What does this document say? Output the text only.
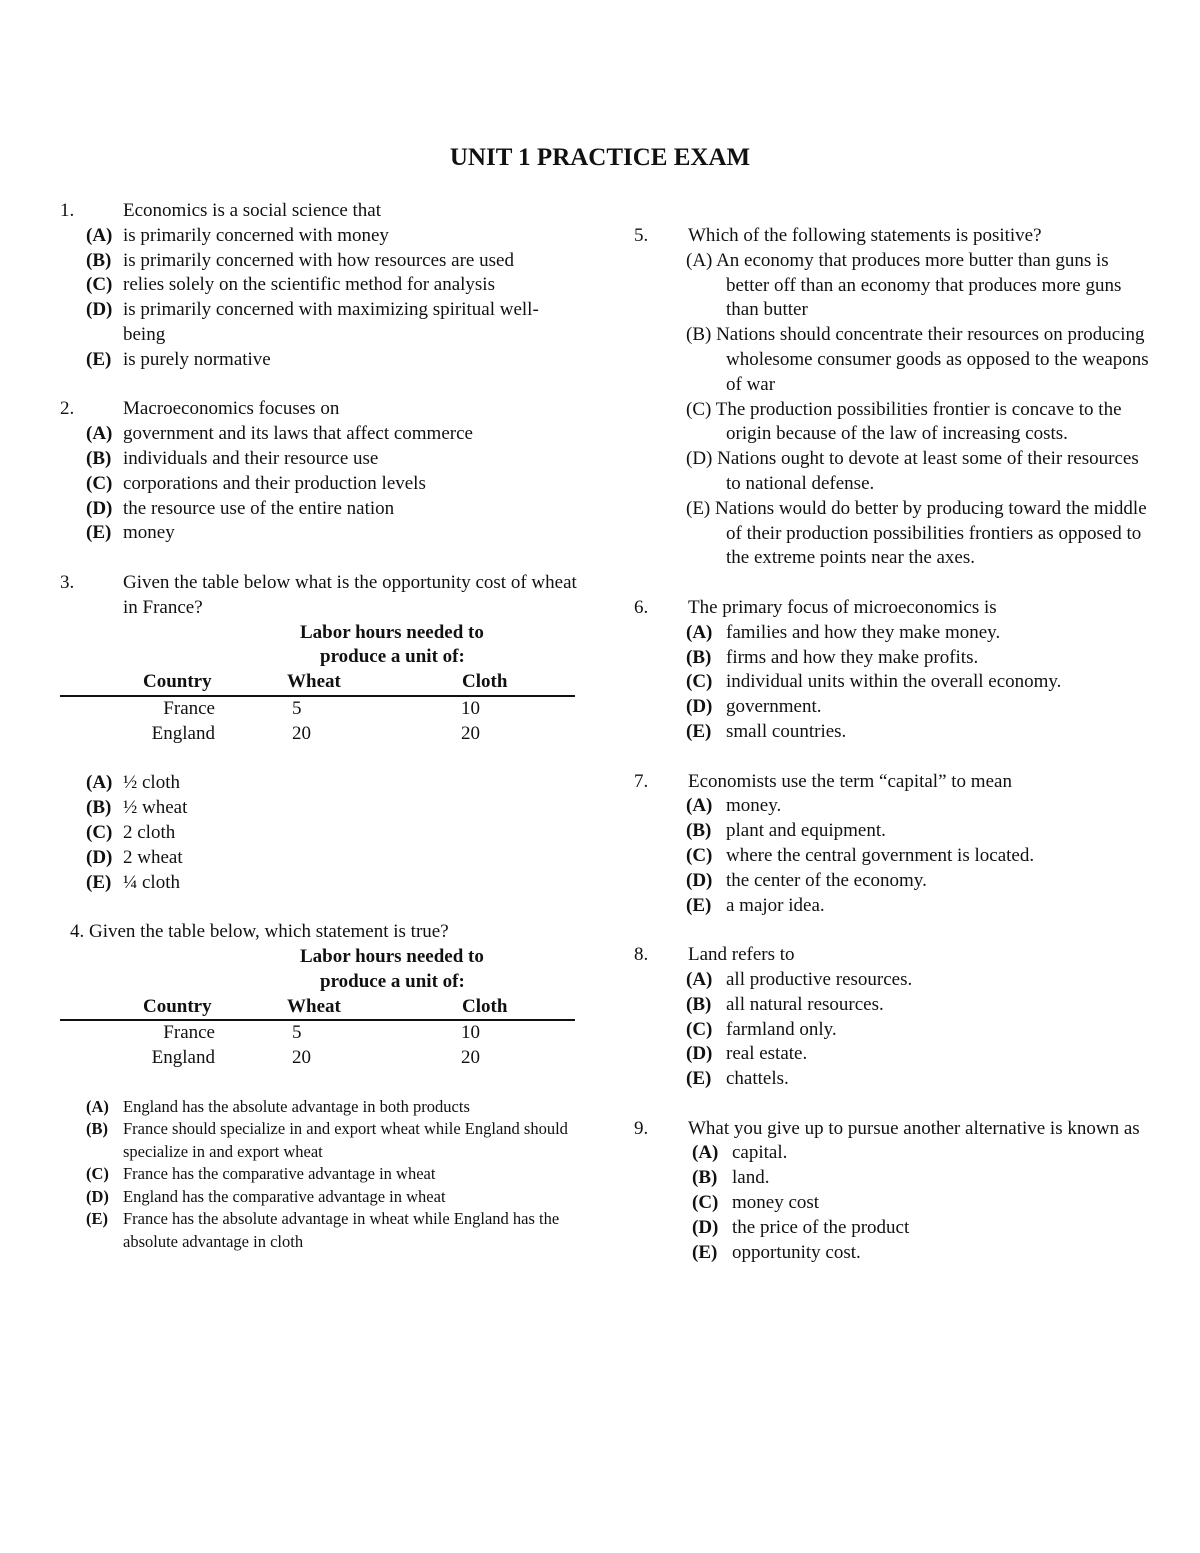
UNIT 1 PRACTICE EXAM
1.	Economics is a social science that
(A) is primarily concerned with money
(B) is primarily concerned with how resources are used
(C) relies solely on the scientific method for analysis
(D) is primarily concerned with maximizing spiritual well-being
(E) is purely normative
2.	Macroeconomics focuses on
(A) government and its laws that affect commerce
(B) individuals and their resource use
(C) corporations and their production levels
(D) the resource use of the entire nation
(E) money
3.	Given the table below what is the opportunity cost of wheat in France?
Labor hours needed to
produce a unit of:
Country	Wheat	Cloth
France	5	10
England	20	20
(A) ½ cloth
(B) ½ wheat
(C) 2 cloth
(D) 2 wheat
(E) ¼ cloth
4. Given the table below, which statement is true?
Labor hours needed to
produce a unit of:
Country	Wheat	Cloth
France	5	10
England	20	20
(A) England has the absolute advantage in both products
(B) France should specialize in and export wheat while England should specialize in and export wheat
(C) France has the comparative advantage in wheat
(D) England has the comparative advantage in wheat
(E) France has the absolute advantage in wheat while England has the absolute advantage in cloth
5.	Which of the following statements is positive?
(A) An economy that produces more butter than guns is better off than an economy that produces more guns than butter
(B) Nations should concentrate their resources on producing wholesome consumer goods as opposed to the weapons of war
(C) The production possibilities frontier is concave to the origin because of the law of increasing costs.
(D) Nations ought to devote at least some of their resources to national defense.
(E) Nations would do better by producing toward the middle of their production possibilities frontiers as opposed to the extreme points near the axes.
6.	The primary focus of microeconomics is
(A) families and how they make money.
(B) firms and how they make profits.
(C) individual units within the overall economy.
(D) government.
(E) small countries.
7.	Economists use the term “capital” to mean
(A) money.
(B) plant and equipment.
(C) where the central government is located.
(D) the center of the economy.
(E) a major idea.
8.	Land refers to
(A) all productive resources.
(B) all natural resources.
(C) farmland only.
(D) real estate.
(E) chattels.
9.	What you give up to pursue another alternative is known as
(A) capital.
(B) land.
(C) money cost
(D) the price of the product
(E) opportunity cost.
